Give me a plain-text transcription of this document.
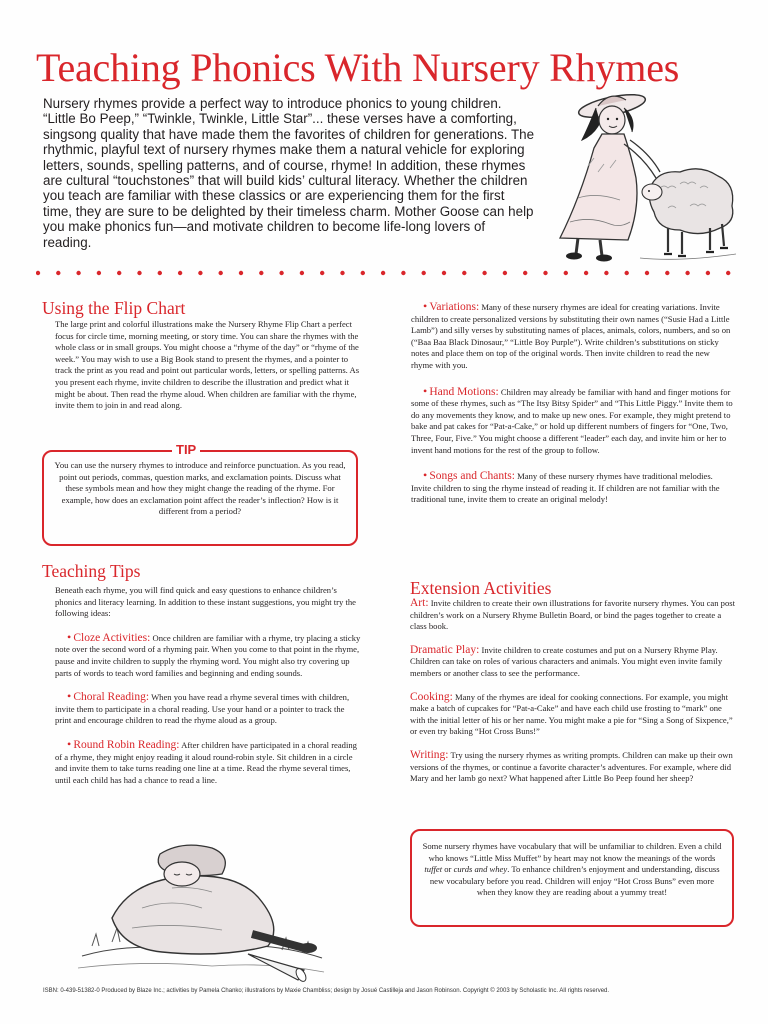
Teaching Phonics With Nursery Rhymes

Nursery rhymes provide a perfect way to introduce phonics to young children. “Little Bo Peep,” “Twinkle, Twinkle, Little Star”... these verses have a comforting, singsong quality that have made them the favorites of children for generations. The rhythmic, playful text of nursery rhymes make them a natural vehicle for exploring letters, sounds, spelling patterns, and of course, rhyme! In addition, these rhymes are cultural “touchstones” that will build kids’ cultural literacy. Whether the children you teach are familiar with these classics or are experiencing them for the first time, they are sure to be delighted by their timeless charm. Mother Goose can help you make phonics fun—and motivate children to become life-long lovers of reading.

Using the Flip Chart

The large print and colorful illustrations make the Nursery Rhyme Flip Chart a perfect focus for circle time, morning meeting, or story time. You can share the rhymes with the whole class or in small groups. You might choose a “rhyme of the day” or “rhyme of the week.” You may wish to use a Big Book stand to present the rhymes, and a pointer to track the print as you read and point out particular words, letters, or spelling patterns. As you present each rhyme, invite children to describe the illustration and predict what it might be about. Then read the rhyme aloud. When children are familiar with the rhyme, invite them to join in and read along.

TIP

You can use the nursery rhymes to introduce and reinforce punctuation. As you read, point out periods, commas, question marks, and exclamation points. Discuss what these symbols mean and how they might change the reading of the rhyme. For example, how does an exclamation point affect the reader’s inflection? How is it different from a period?

Teaching Tips

Beneath each rhyme, you will find quick and easy questions to enhance children’s phonics and literacy learning. In addition to these instant suggestions, you might try the following ideas:

• Cloze Activities: Once children are familiar with a rhyme, try placing a sticky note over the second word of a rhyming pair. When you come to that point in the rhyme, pause and invite children to supply the rhyming word. You might also try covering up parts of words to teach word families and beginning and ending sounds.

• Choral Reading: When you have read a rhyme several times with children, invite them to participate in a choral reading. Use your hand or a pointer to track the print and encourage children to read the rhyme aloud as a group.

• Round Robin Reading: After children have participated in a choral reading of a rhyme, they might enjoy reading it aloud round-robin style. Sit children in a circle and invite them to take turns reading one line at a time. Read the rhyme several times, until each child has had a chance to read a line.

• Variations: Many of these nursery rhymes are ideal for creating variations. Invite children to create personalized versions by substituting their own names (“Susie Had a Little Lamb”) and silly verses by substituting names of places, animals, colors, numbers, and so on (“Baa Baa Black Dinosaur,” “Little Boy Purple”). Write children’s substitutions on sticky notes and place them on top of the original words. Then invite children to read the new rhyme with you.

• Hand Motions: Children may already be familiar with hand and finger motions for some of these rhymes, such as “The Itsy Bitsy Spider” and “This Little Piggy.” Invite them to do any movements they know, and to make up new ones. For example, they might pretend to bake and pat cakes for “Pat-a-Cake,” or hold up different numbers of fingers for “One, Two, Three, Four, Five.” You might choose a different “leader” each day, and invite him or her to invent hand motions for the rest of the group to follow.

• Songs and Chants: Many of these nursery rhymes have traditional melodies. Invite children to sing the rhyme instead of reading it. If children are not familiar with the traditional tune, invite them to create an original melody!

Extension Activities

Art: Invite children to create their own illustrations for favorite nursery rhymes. You can post children’s work on a Nursery Rhyme Bulletin Board, or bind the pages together to create a class book.

Dramatic Play: Invite children to create costumes and put on a Nursery Rhyme Play. Children can take on roles of various characters and animals. You might even invite family members or another class to see the performance.

Cooking: Many of the rhymes are ideal for cooking connections. For example, you might make a batch of cupcakes for “Pat-a-Cake” and have each child use frosting to “mark” one with the initial letter of his or her name. You might make a pie for “Sing a Song of Sixpence,” or even try baking “Hot Cross Buns!”

Writing: Try using the nursery rhymes as writing prompts. Children can make up their own versions of the rhymes, or continue a favorite character’s adventures. For example, where did Mary and her lamb go next? What happened after Little Bo Peep found her sheep?

Some nursery rhymes have vocabulary that will be unfamiliar to children. Even a child who knows “Little Miss Muffet” by heart may not know the meanings of the words tuffet or curds and whey. To enhance children’s enjoyment and understanding, discuss new vocabulary before you read. Children will enjoy “Hot Cross Buns” even more when they know they are reading about a yummy treat!

ISBN: 0-439-51382-0 Produced by Blaze Inc.; activities by Pamela Chanko; illustrations by Maxie Chambliss; design by Josué Castilleja and Jason Robinson. Copyright © 2003 by Scholastic Inc. All rights reserved.
